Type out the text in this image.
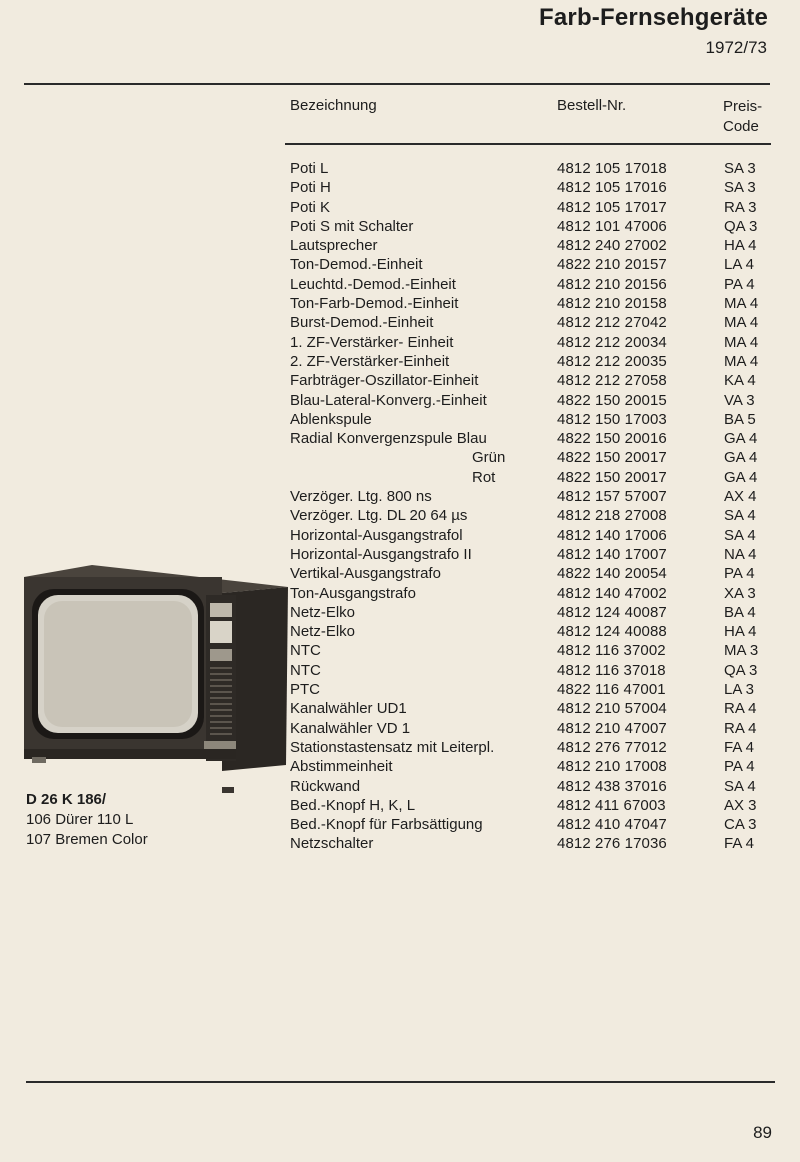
Farb-Fernsehgeräte
1972/73
Bezeichnung	Bestell-Nr.	Preis-
Code
Poti L	4812 105 17018	SA 3
Poti H	4812 105 17016	SA 3
Poti K	4812 105 17017	RA 3
Poti S mit Schalter	4812 101 47006	QA 3
Lautsprecher	4812 240 27002	HA 4
Ton-Demod.-Einheit	4822 210 20157	LA 4
Leuchtd.-Demod.-Einheit	4812 210 20156	PA 4
Ton-Farb-Demod.-Einheit	4812 210 20158	MA 4
Burst-Demod.-Einheit	4812 212 27042	MA 4
1. ZF-Verstärker- Einheit	4812 212 20034	MA 4
2. ZF-Verstärker-Einheit	4812 212 20035	MA 4
Farbträger-Oszillator-Einheit	4812 212 27058	KA 4
Blau-Lateral-Konverg.-Einheit	4822 150 20015	VA 3
Ablenkspule	4812 150 17003	BA 5
Radial Konvergenzspule Blau	4822 150 20016	GA 4
Grün	4822 150 20017	GA 4
Rot	4822 150 20017	GA 4
Verzöger. Ltg. 800 ns	4812 157 57007	AX 4
Verzöger. Ltg. DL 20 64 µs	4812 218 27008	SA 4
Horizontal-Ausgangstrafol	4812 140 17006	SA 4
Horizontal-Ausgangstrafo II	4812 140 17007	NA 4
Vertikal-Ausgangstrafo	4822 140 20054	PA 4
Ton-Ausgangstrafo	4812 140 47002	XA 3
Netz-Elko	4812 124 40087	BA 4
Netz-Elko	4812 124 40088	HA 4
NTC	4812 116 37002	MA 3
NTC	4812 116 37018	QA 3
PTC	4822 116 47001	LA 3
Kanalwähler UD1	4812 210 57004	RA 4
Kanalwähler VD 1	4812 210 47007	RA 4
Stationstastensatz mit Leiterpl.	4812 276 77012	FA 4
Abstimmeinheit	4812 210 17008	PA 4
Rückwand	4812 438 37016	SA 4
Bed.-Knopf H, K, L	4812 411 67003	AX 3
Bed.-Knopf für Farbsättigung	4812 410 47047	CA 3
Netzschalter	4812 276 17036	FA 4
D 26 K 186/
106 Dürer 110 L
107 Bremen Color
89
